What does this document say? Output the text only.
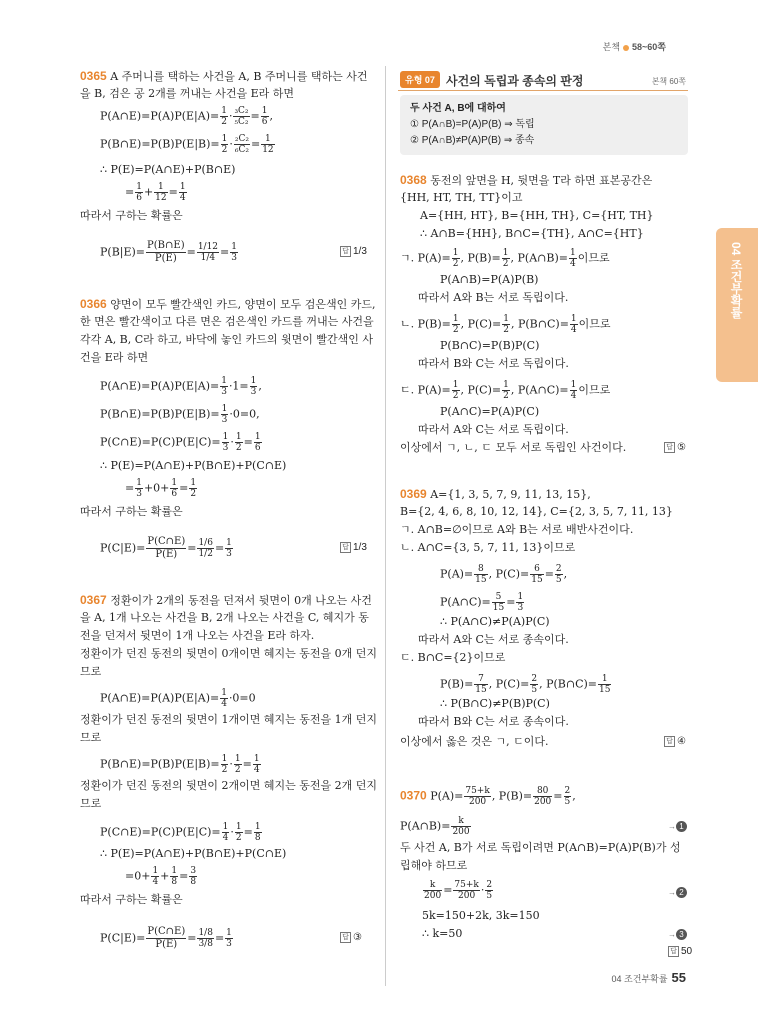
본책 58~60쪽
04 조건부확률
0365 A 주머니를 택하는 사건을 A, B 주머니를 택하는 사건
을 B, 검은 공 2개를 꺼내는 사건을 E라 하면
P(A∩E)=P(A)P(E|A)= $\frac{1}{2} \cdot \frac{\text{₃C₂}}{\text{₅C₂}} = \frac{1}{6}$ ,
P(B∩E)=P(B)P(E|B)= $\frac{1}{2} \cdot \frac{\text{₂C₂}}{\text{₆C₂}} = \frac{1}{12}$
∴ P(E)=P(A∩E)+P(B∩E)
= $\frac{1}{6} + \frac{1}{12} = \frac{1}{4}$
따라서 구하는 확률은
$P(B|E)= \frac{P(B\cap E)}{P(E)} = \frac{1/12}{1/4} = \frac{1}{3}$	답 1/3
0366 양면이 모두 빨간색인 카드, 양면이 모두 검은색인 카드,
한 면은 빨간색이고 다른 면은 검은색인 카드를 꺼내는 사건을
각각 A, B, C라 하고, 바닥에 놓인 카드의 윗면이 빨간색인 사
건을 E라 하면
P(A∩E)=P(A)P(E|A)= $\frac{1}{3} \cdot 1= \frac{1}{3}$ ,
P(B∩E)=P(B)P(E|B)= $\frac{1}{3} \cdot 0=0$,
P(C∩E)=P(C)P(E|C)= $\frac{1}{3} \cdot \frac{1}{2} = \frac{1}{6}$
∴ P(E)=P(A∩E)+P(B∩E)+P(C∩E)
= $\frac{1}{3} +0+ \frac{1}{6} = \frac{1}{2}$
따라서 구하는 확률은
$P(C|E)= \frac{P(C\cap E)}{P(E)} = \frac{1/6}{1/2} = \frac{1}{3}$	답 1/3
0367 정환이가 2개의 동전을 던져서 뒷면이 0개 나오는 사건
을 A, 1개 나오는 사건을 B, 2개 나오는 사건을 C, 혜지가 동
전을 던져서 뒷면이 1개 나오는 사건을 E라 하자.
정환이가 던진 동전의 뒷면이 0개이면 혜지는 동전을 0개 던지
므로
P(A∩E)=P(A)P(E|A)= $\frac{1}{4} \cdot 0=0$
정환이가 던진 동전의 뒷면이 1개이면 혜지는 동전을 1개 던지
므로
P(B∩E)=P(B)P(E|B)= $\frac{1}{2} \cdot \frac{1}{2} = \frac{1}{4}$
정환이가 던진 동전의 뒷면이 2개이면 혜지는 동전을 2개 던지
므로
P(C∩E)=P(C)P(E|C)= $\frac{1}{4} \cdot \frac{1}{2} = \frac{1}{8}$
∴ P(E)=P(A∩E)+P(B∩E)+P(C∩E)
$=0+ \frac{1}{4} + \frac{1}{8} = \frac{3}{8}$
따라서 구하는 확률은
$P(C|E)= \frac{P(C\cap E)}{P(E)} = \frac{1/8}{3/8} = \frac{1}{3}$	답 ③
유형 07 사건의 독립과 종속의 판정	본책 60쪽
두 사건 A, B에 대하여
① P(A∩B)=P(A)P(B) ⇒ 독립
② P(A∩B)≠P(A)P(B) ⇒ 종속
0368 동전의 앞면을 H, 뒷면을 T라 하면 표본공간은
{HH, HT, TH, TT}이고
A={HH, HT}, B={HH, TH}, C={HT, TH}
∴ A∩B={HH}, B∩C={TH}, A∩C={HT}
ㄱ. $P(A)= \frac{1}{2}$ , $P(B)= \frac{1}{2}$ , P(A∩B)= $\frac{1}{4}$ 이므로
P(A∩B)=P(A)P(B)
따라서 A와 B는 서로 독립이다.
ㄴ. $P(B)= \frac{1}{2}$ , $P(C)= \frac{1}{2}$ , P(B∩C)= $\frac{1}{4}$ 이므로
P(B∩C)=P(B)P(C)
따라서 B와 C는 서로 독립이다.
ㄷ. $P(A)= \frac{1}{2}$ , $P(C)= \frac{1}{2}$ , P(A∩C)= $\frac{1}{4}$ 이므로
P(A∩C)=P(A)P(C)
따라서 A와 C는 서로 독립이다.
이상에서 ㄱ, ㄴ, ㄷ 모두 서로 독립인 사건이다.	답 ⑤
0369 A={1, 3, 5, 7, 9, 11, 13, 15},
B={2, 4, 6, 8, 10, 12, 14}, C={2, 3, 5, 7, 11, 13}
ㄱ. A∩B=∅이므로 A와 B는 서로 배반사건이다.
ㄴ. A∩C={3, 5, 7, 11, 13}이므로
$P(A)= \frac{8}{15}$ , $P(C)= \frac{6}{15} = \frac{2}{5}$ ,
P(A∩C)= $\frac{5}{15} = \frac{1}{3}$
∴ P(A∩C)≠P(A)P(C)
따라서 A와 C는 서로 종속이다.
ㄷ. B∩C={2}이므로
$P(B)= \frac{7}{15}$ , $P(C)= \frac{2}{5}$ , P(B∩C)= $\frac{1}{15}$
∴ P(B∩C)≠P(B)P(C)
따라서 B와 C는 서로 종속이다.
이상에서 옳은 것은 ㄱ, ㄷ이다.	답 ④
0370 $P(A)= \frac{75+k}{200}$ , $P(B)= \frac{80}{200} = \frac{2}{5}$ ,
P(A∩B)= $\frac{k}{200}$	→ 1
두 사건 A, B가 서로 독립이려면 P(A∩B)=P(A)P(B)가 성
립해야 하므로
$\frac{k}{200} = \frac{75+k}{200} \cdot \frac{2}{5}$	→ 2
5k=150+2k, 3k=150
∴ k=50	→ 3
답 50
04 조건부확률 55
